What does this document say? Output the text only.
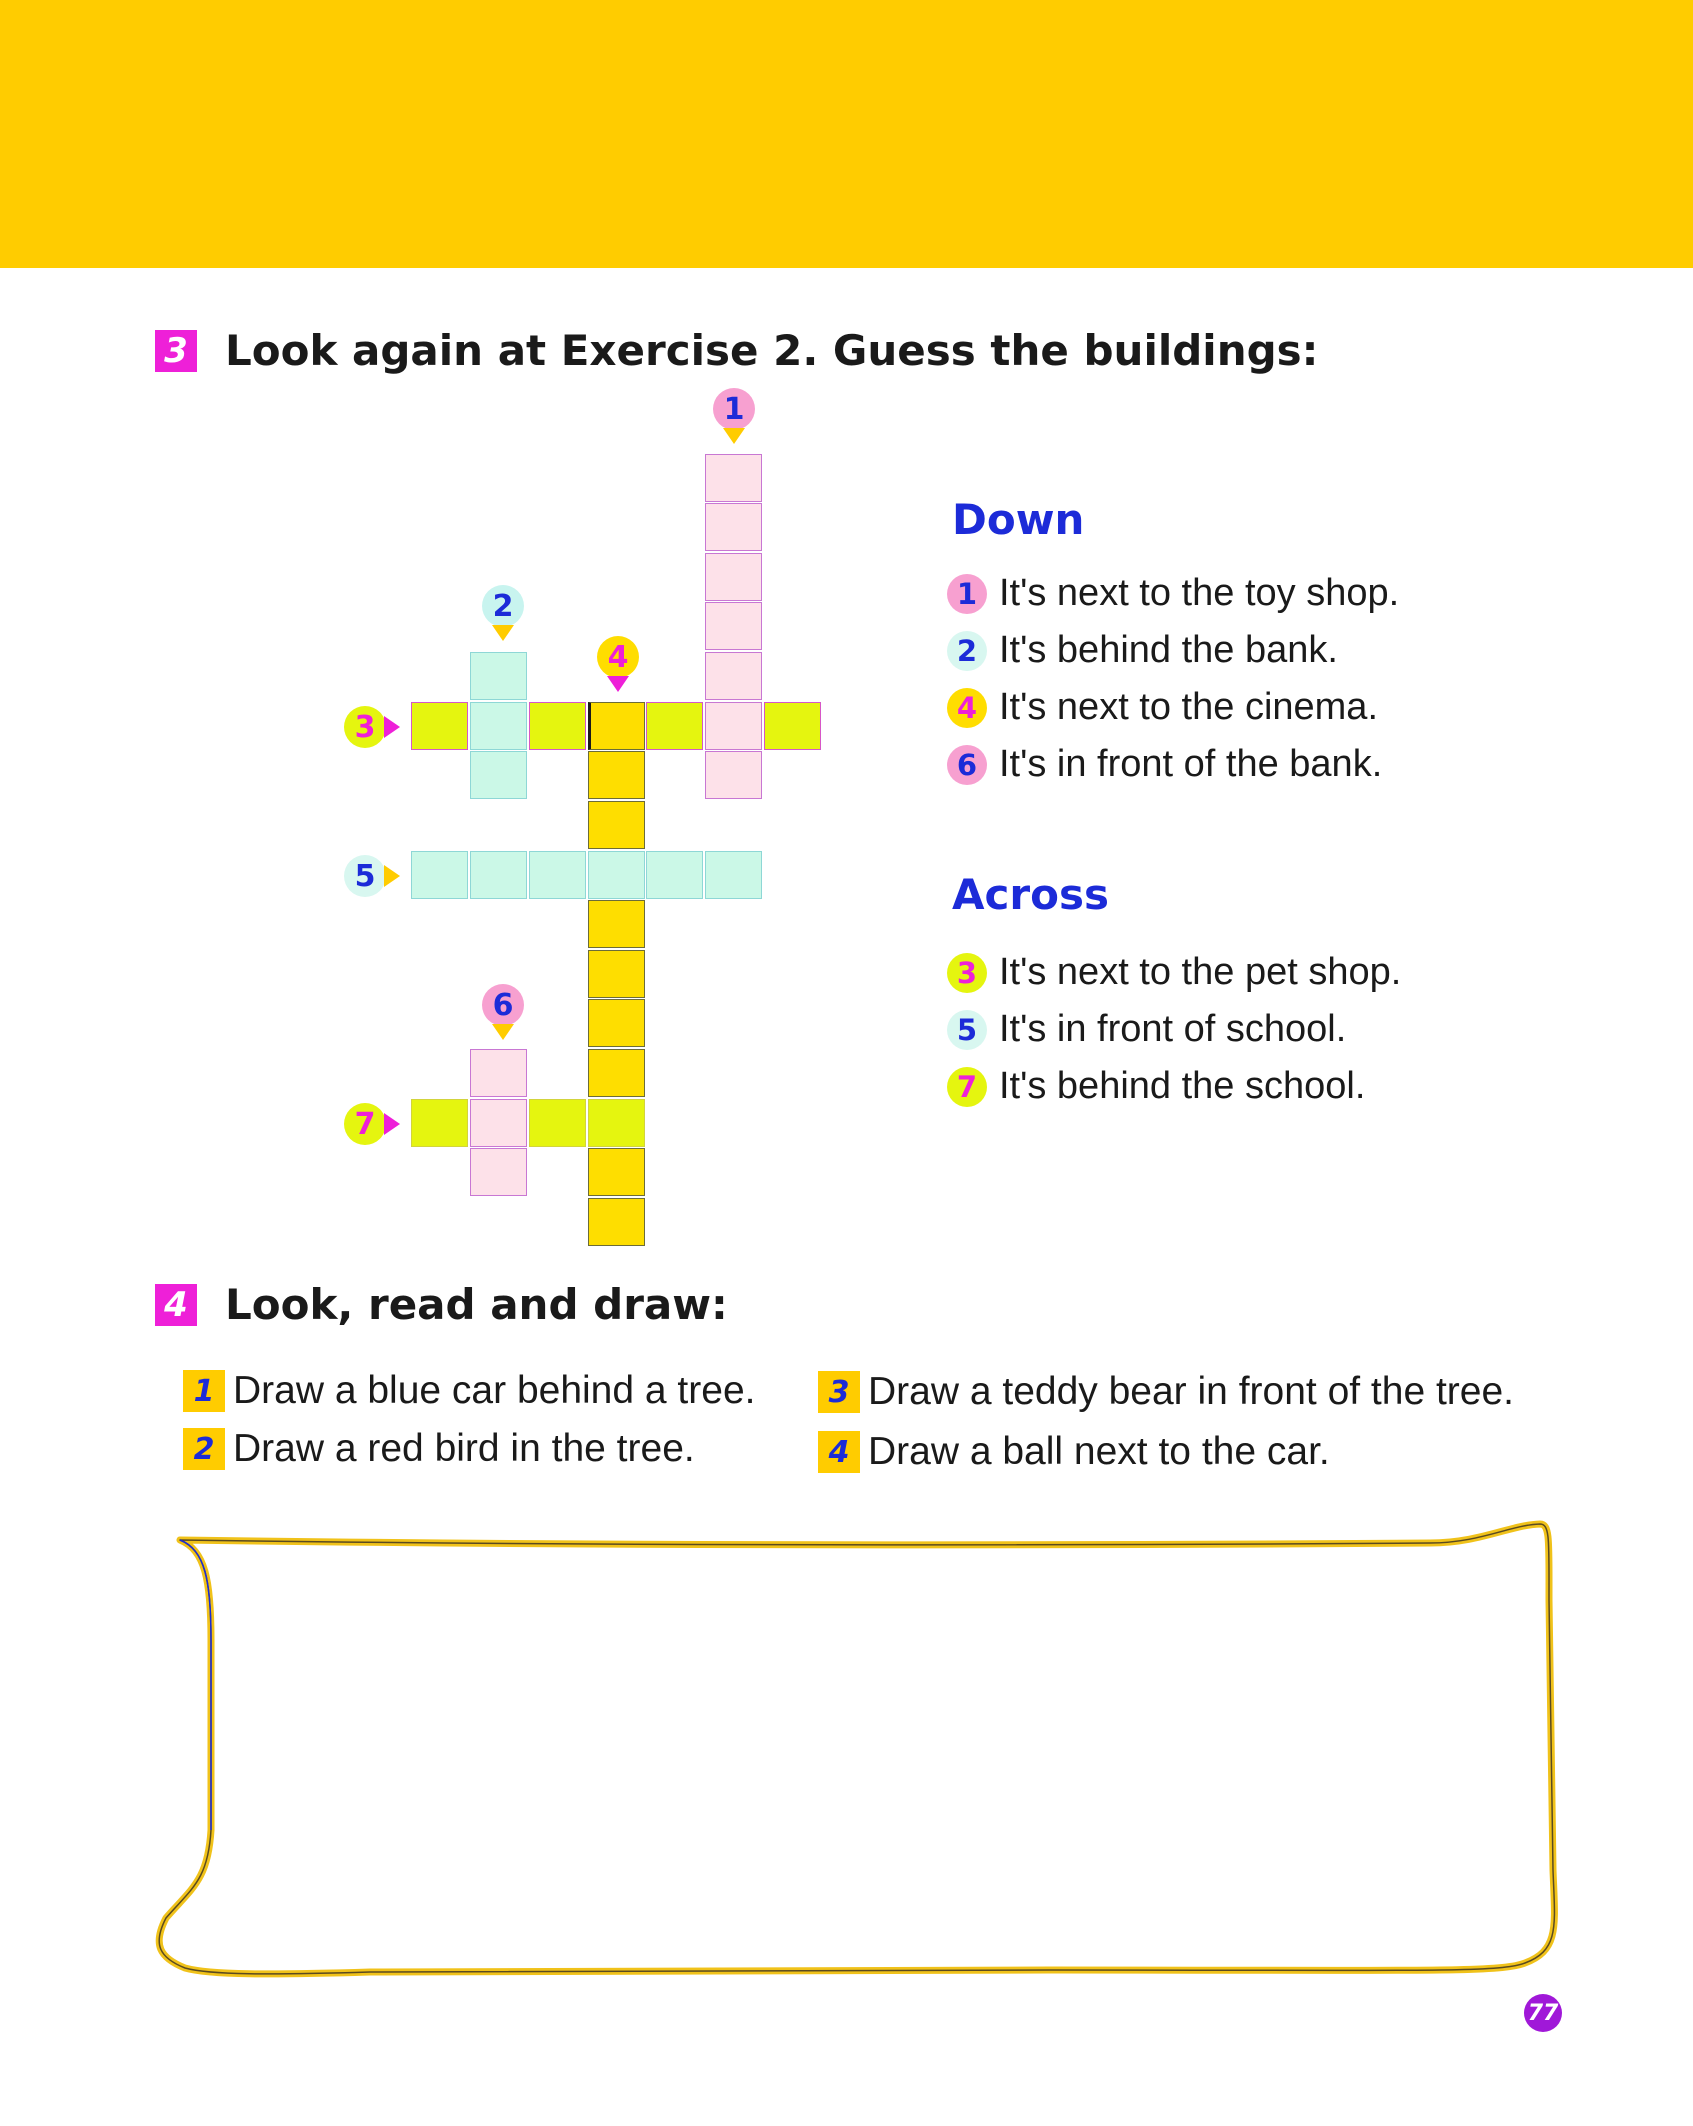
3 Look again at Exercise 2. Guess the buildings:
1
2
4
6
3
5
7
Down
1 It's next to the toy shop.
2 It's behind the bank.
4 It's next to the cinema.
6 It's in front of the bank.
Across
3 It's next to the pet shop.
5 It's in front of school.
7 It's behind the school.
4 Look, read and draw:
1 Draw a blue car behind a tree.
2 Draw a red bird in the tree.
3 Draw a teddy bear in front of the tree.
4 Draw a ball next to the car.
77
